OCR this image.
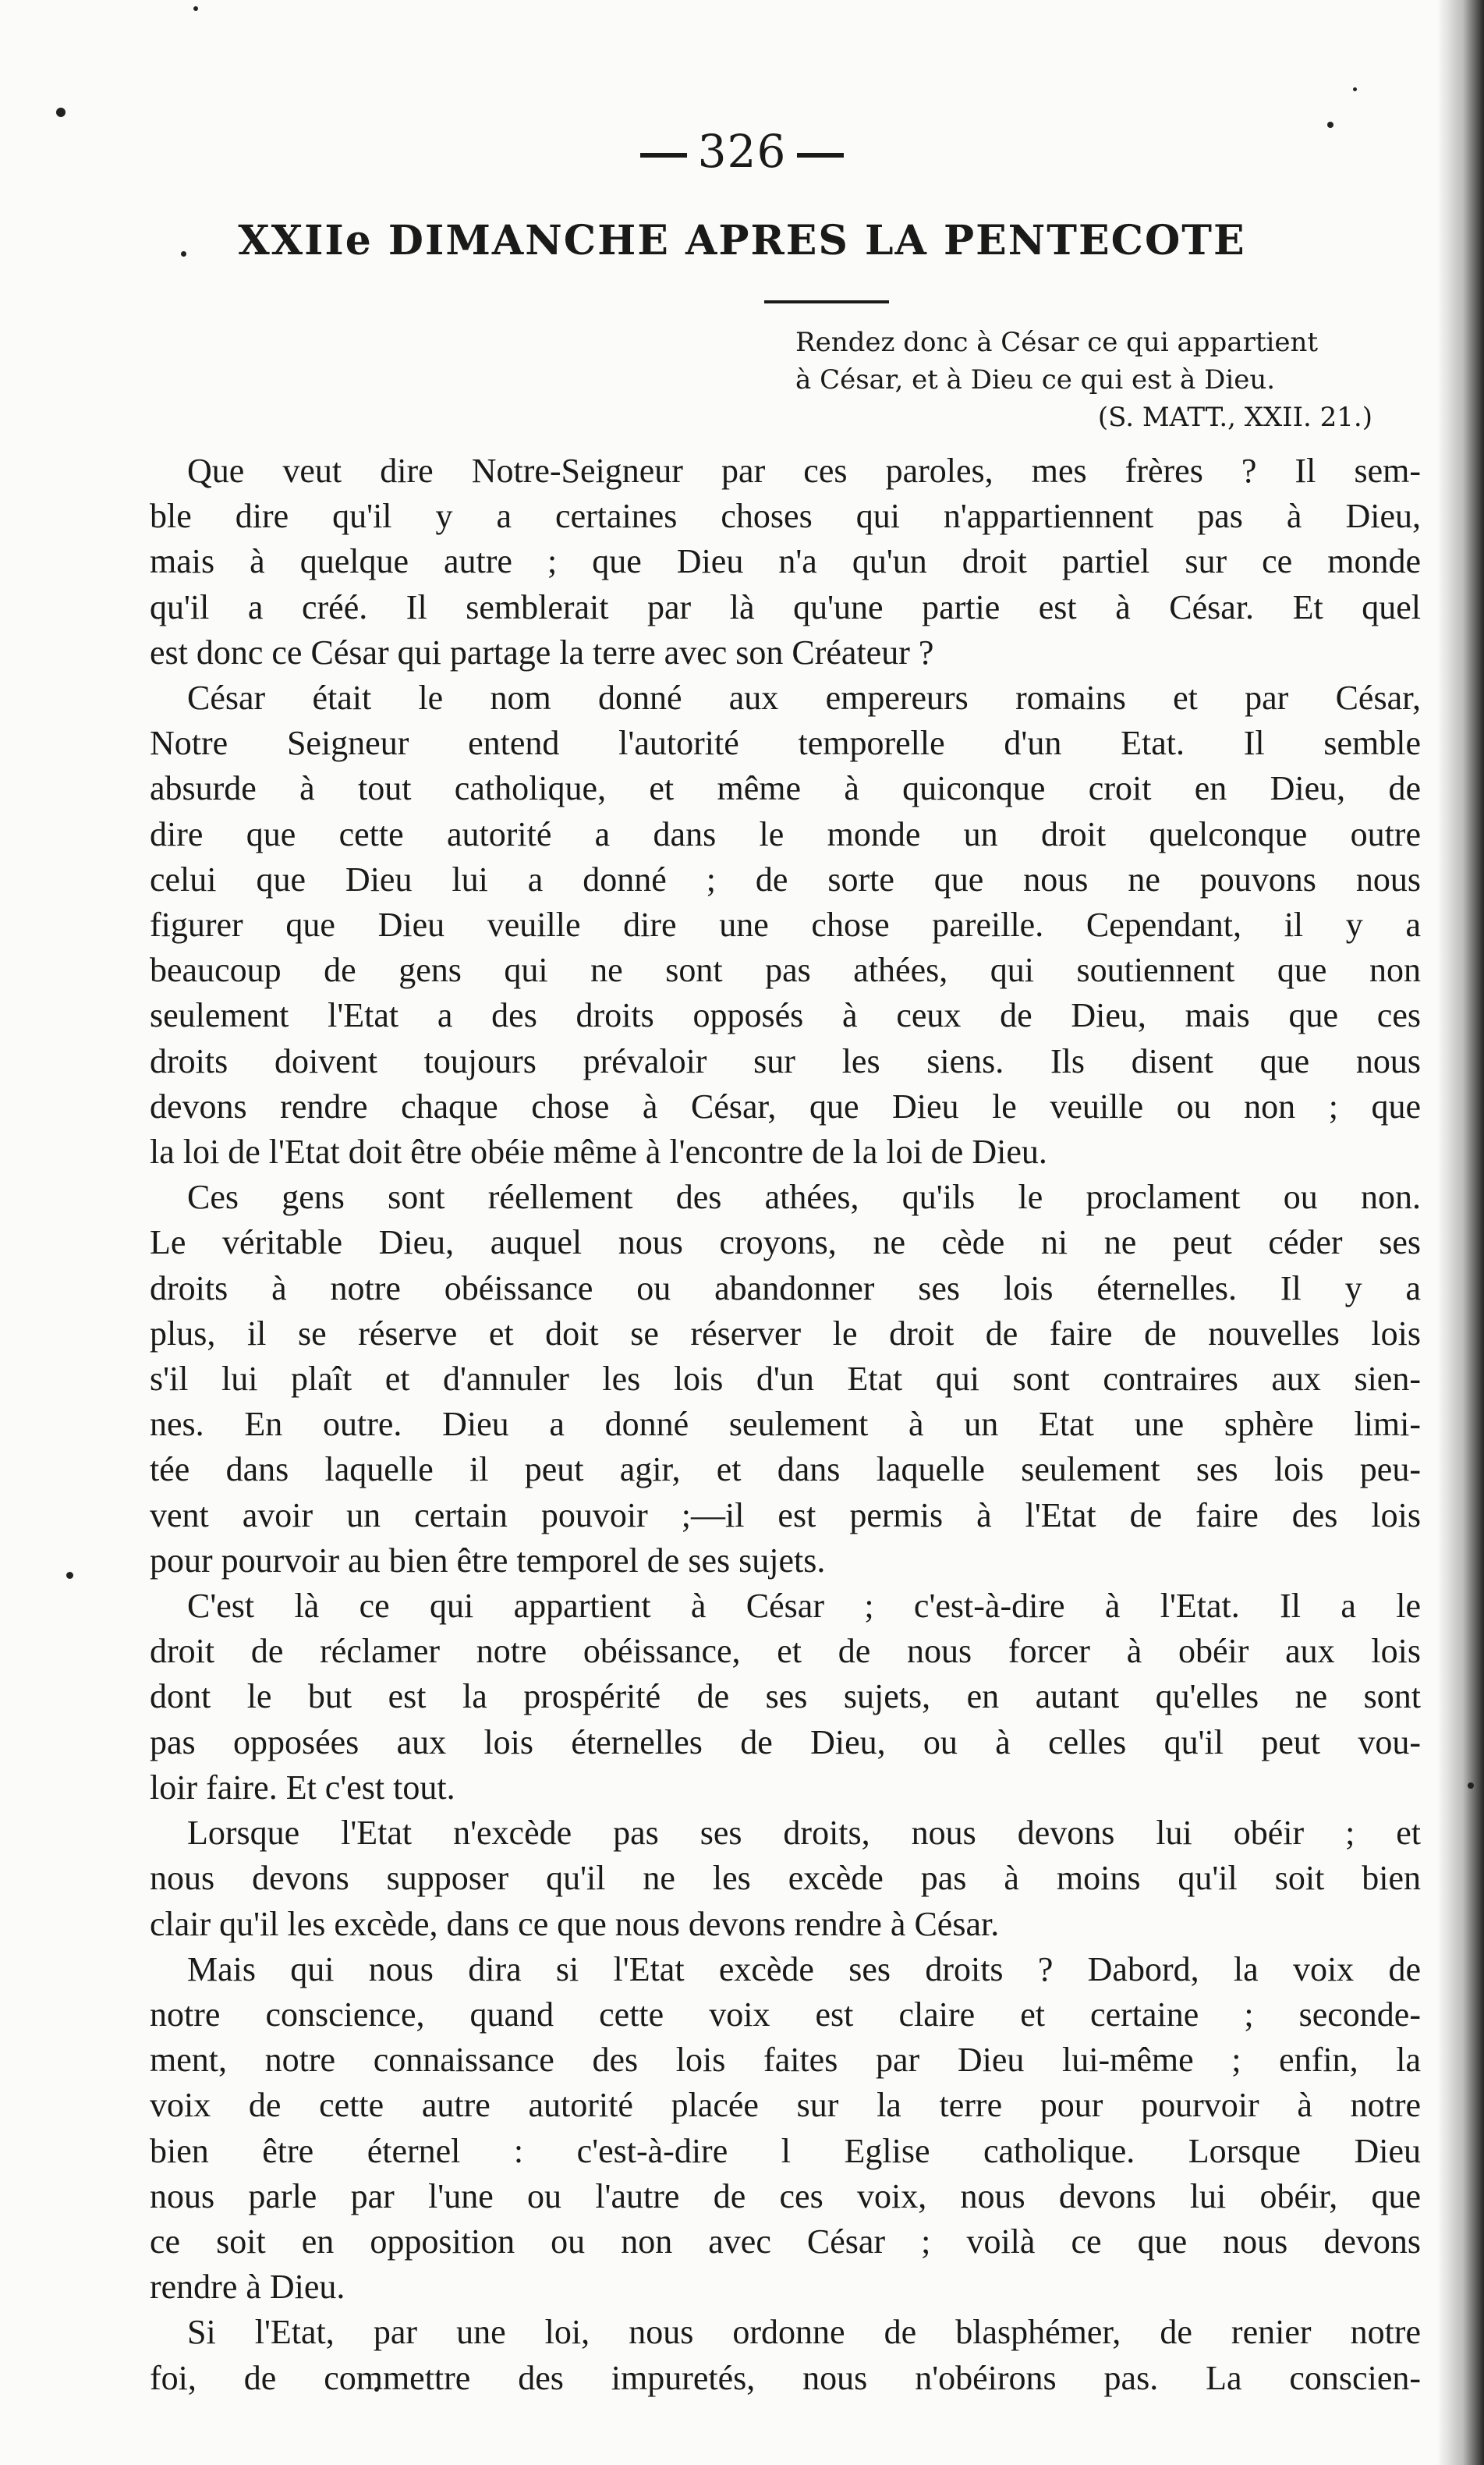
326
XXIIe DIMANCHE APRES LA PENTECOTE
Rendez donc à César ce qui appartient
à César, et à Dieu ce qui est à Dieu.
(S. MATT., XXII. 21.)
Que veut dire Notre-Seigneur par ces paroles, mes frères ? Il sem-
ble dire qu'il y a certaines choses qui n'appartiennent pas à Dieu,
mais à quelque autre ; que Dieu n'a qu'un droit partiel sur ce monde
qu'il a créé. Il semblerait par là qu'une partie est à César. Et quel
est donc ce César qui partage la terre avec son Créateur ?
César était le nom donné aux empereurs romains et par César,
Notre Seigneur entend l'autorité temporelle d'un Etat. Il semble
absurde à tout catholique, et même à quiconque croit en Dieu, de
dire que cette autorité a dans le monde un droit quelconque outre
celui que Dieu lui a donné ; de sorte que nous ne pouvons nous
figurer que Dieu veuille dire une chose pareille. Cependant, il y a
beaucoup de gens qui ne sont pas athées, qui soutiennent que non
seulement l'Etat a des droits opposés à ceux de Dieu, mais que ces
droits doivent toujours prévaloir sur les siens. Ils disent que nous
devons rendre chaque chose à César, que Dieu le veuille ou non ; que
la loi de l'Etat doit être obéie même à l'encontre de la loi de Dieu.
Ces gens sont réellement des athées, qu'ils le proclament ou non.
Le véritable Dieu, auquel nous croyons, ne cède ni ne peut céder ses
droits à notre obéissance ou abandonner ses lois éternelles. Il y a
plus, il se réserve et doit se réserver le droit de faire de nouvelles lois
s'il lui plaît et d'annuler les lois d'un Etat qui sont contraires aux sien-
nes. En outre. Dieu a donné seulement à un Etat une sphère limi-
tée dans laquelle il peut agir, et dans laquelle seulement ses lois peu-
vent avoir un certain pouvoir ;—il est permis à l'Etat de faire des lois
pour pourvoir au bien être temporel de ses sujets.
C'est là ce qui appartient à César ; c'est-à-dire à l'Etat. Il a le
droit de réclamer notre obéissance, et de nous forcer à obéir aux lois
dont le but est la prospérité de ses sujets, en autant qu'elles ne sont
pas opposées aux lois éternelles de Dieu, ou à celles qu'il peut vou-
loir faire. Et c'est tout.
Lorsque l'Etat n'excède pas ses droits, nous devons lui obéir ; et
nous devons supposer qu'il ne les excède pas à moins qu'il soit bien
clair qu'il les excède, dans ce que nous devons rendre à César.
Mais qui nous dira si l'Etat excède ses droits ? Dabord, la voix de
notre conscience, quand cette voix est claire et certaine ; seconde-
ment, notre connaissance des lois faites par Dieu lui-même ; enfin, la
voix de cette autre autorité placée sur la terre pour pourvoir à notre
bien être éternel : c'est-à-dire l Eglise catholique. Lorsque Dieu
nous parle par l'une ou l'autre de ces voix, nous devons lui obéir, que
ce soit en opposition ou non avec César ; voilà ce que nous devons
rendre à Dieu.
Si l'Etat, par une loi, nous ordonne de blasphémer, de renier notre
foi, de commettre des impuretés, nous n'obéirons pas. La conscien-
